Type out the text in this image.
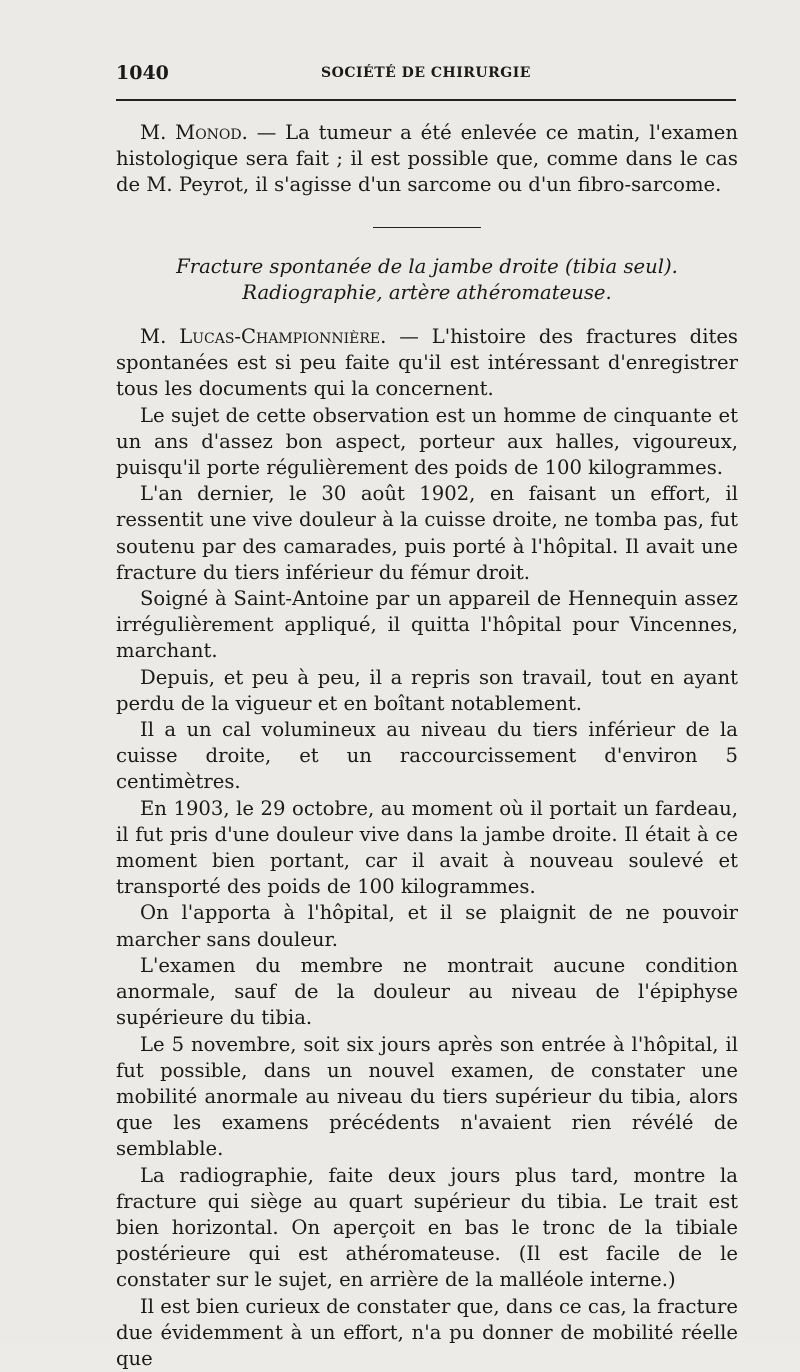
1040	SOCIÉTÉ DE CHIRURGIE

M. Monod. — La tumeur a été enlevée ce matin, l'examen histologique sera fait ; il est possible que, comme dans le cas de M. Peyrot, il s'agisse d'un sarcome ou d'un fibro-sarcome.

Fracture spontanée de la jambe droite (tibia seul).
Radiographie, artère athéromateuse.

M. Lucas-Championnière. — L'histoire des fractures dites spontanées est si peu faite qu'il est intéressant d'enregistrer tous les documents qui la concernent.

Le sujet de cette observation est un homme de cinquante et un ans d'assez bon aspect, porteur aux halles, vigoureux, puisqu'il porte régulièrement des poids de 100 kilogrammes.

L'an dernier, le 30 août 1902, en faisant un effort, il ressentit une vive douleur à la cuisse droite, ne tomba pas, fut soutenu par des camarades, puis porté à l'hôpital. Il avait une fracture du tiers inférieur du fémur droit.

Soigné à Saint-Antoine par un appareil de Hennequin assez irrégulièrement appliqué, il quitta l'hôpital pour Vincennes, marchant.

Depuis, et peu à peu, il a repris son travail, tout en ayant perdu de la vigueur et en boîtant notablement.

Il a un cal volumineux au niveau du tiers inférieur de la cuisse droite, et un raccourcissement d'environ 5 centimètres.

En 1903, le 29 octobre, au moment où il portait un fardeau, il fut pris d'une douleur vive dans la jambe droite. Il était à ce moment bien portant, car il avait à nouveau soulevé et transporté des poids de 100 kilogrammes.

On l'apporta à l'hôpital, et il se plaignit de ne pouvoir marcher sans douleur.

L'examen du membre ne montrait aucune condition anormale, sauf de la douleur au niveau de l'épiphyse supérieure du tibia.

Le 5 novembre, soit six jours après son entrée à l'hôpital, il fut possible, dans un nouvel examen, de constater une mobilité anormale au niveau du tiers supérieur du tibia, alors que les examens précédents n'avaient rien révélé de semblable.

La radiographie, faite deux jours plus tard, montre la fracture qui siège au quart supérieur du tibia. Le trait est bien horizontal. On aperçoit en bas le tronc de la tibiale postérieure qui est athéromateuse. (Il est facile de le constater sur le sujet, en arrière de la malléole interne.)

Il est bien curieux de constater que, dans ce cas, la fracture due évidemment à un effort, n'a pu donner de mobilité réelle que
